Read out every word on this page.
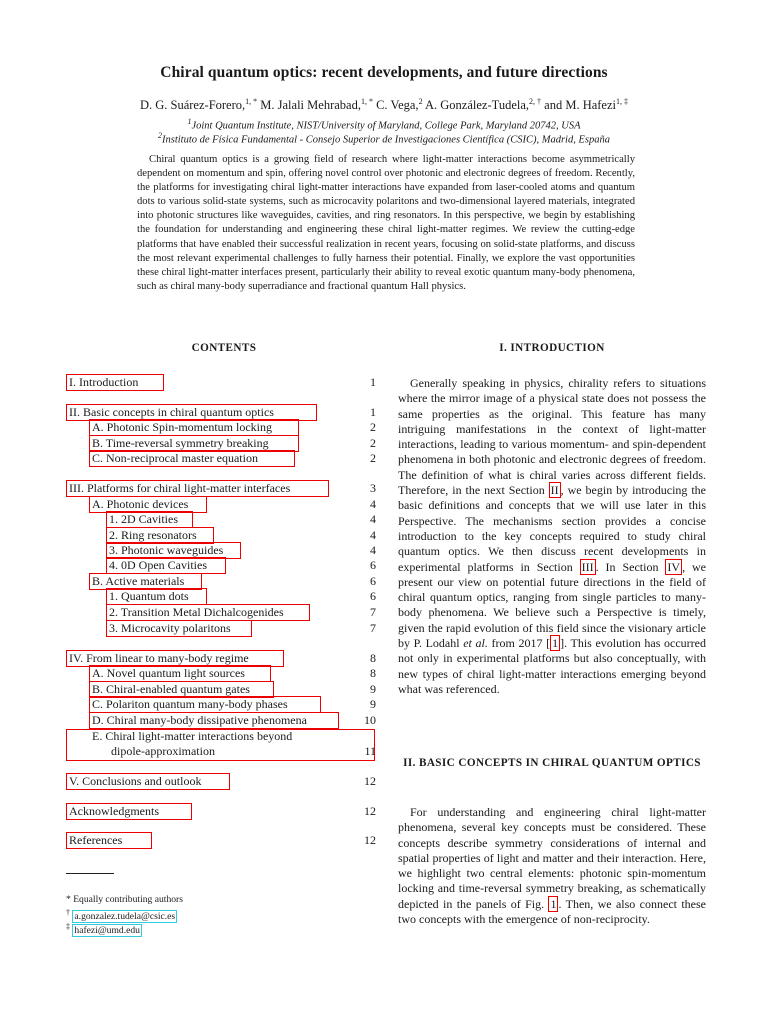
Chiral quantum optics: recent developments, and future directions
D. G. Suárez-Forero,$^{1, *}$ M. Jalali Mehrabad,$^{1, *}$ C. Vega,$^2$ A. González-Tudela,$^{2, \dagger}$ and M. Hafezi$^{1, \ddagger}$
$^1$Joint Quantum Institute, NIST/University of Maryland, College Park, Maryland 20742, USA
$^2$Instituto de Física Fundamental - Consejo Superior de Investigaciones Científica (CSIC), Madrid, España
Chiral quantum optics is a growing field of research where light-matter interactions become asymmetrically dependent on momentum and spin, offering novel control over photonic and electronic degrees of freedom. Recently, the platforms for investigating chiral light-matter interactions have expanded from laser-cooled atoms and quantum dots to various solid-state systems, such as microcavity polaritons and two-dimensional layered materials, integrated into photonic structures like waveguides, cavities, and ring resonators. In this perspective, we begin by establishing the foundation for understanding and engineering these chiral light-matter regimes. We review the cutting-edge platforms that have enabled their successful realization in recent years, focusing on solid-state platforms, and discuss the most relevant experimental challenges to fully harness their potential. Finally, we explore the vast opportunities these chiral light-matter interfaces present, particularly their ability to reveal exotic quantum many-body phenomena, such as chiral many-body superradiance and fractional quantum Hall physics.
CONTENTS
I. Introduction	1
II. Basic concepts in chiral quantum optics	1
A. Photonic Spin-momentum locking	2
B. Time-reversal symmetry breaking	2
C. Non-reciprocal master equation	2
III. Platforms for chiral light-matter interfaces	3
A. Photonic devices	4
1. 2D Cavities	4
2. Ring resonators	4
3. Photonic waveguides	4
4. 0D Open Cavities	6
B. Active materials	6
1. Quantum dots	6
2. Transition Metal Dichalcogenides	7
3. Microcavity polaritons	7
IV. From linear to many-body regime	8
A. Novel quantum light sources	8
B. Chiral-enabled quantum gates	9
C. Polariton quantum many-body phases	9
D. Chiral many-body dissipative phenomena	10
E. Chiral light-matter interactions beyond
dipole-approximation	11
V. Conclusions and outlook	12
Acknowledgments	12
References	12
* Equally contributing authors
† a.gonzalez.tudela@csic.es
‡ hafezi@umd.edu
I. INTRODUCTION
Generally speaking in physics, chirality refers to situations where the mirror image of a physical state does not possess the same properties as the original. This feature has many intriguing manifestations in the context of light-matter interactions, leading to various momentum- and spin-dependent phenomena in both photonic and electronic degrees of freedom. The definition of what is chiral varies across different fields. Therefore, in the next Section II , we begin by introducing the basic definitions and concepts that we will use later in this Perspective. The mechanisms section provides a concise introduction to the key concepts required to study chiral quantum optics. We then discuss recent developments in experimental platforms in Section III . In Section IV , we present our view on potential future directions in the field of chiral quantum optics, ranging from single particles to many-body phenomena. We believe such a Perspective is timely, given the rapid evolution of this field since the visionary article by P. Lodahl et al. from 2017 [ 1 ]. This evolution has occurred not only in experimental platforms but also conceptually, with new types of chiral light-matter interactions emerging beyond what was referenced.
II. BASIC CONCEPTS IN CHIRAL QUANTUM OPTICS
For understanding and engineering chiral light-matter phenomena, several key concepts must be considered. These concepts describe symmetry considerations of internal and spatial properties of light and matter and their interaction. Here, we highlight two central elements: photonic spin-momentum locking and time-reversal symmetry breaking, as schematically depicted in the panels of Fig. 1 . Then, we also connect these two concepts with the emergence of non-reciprocity.
